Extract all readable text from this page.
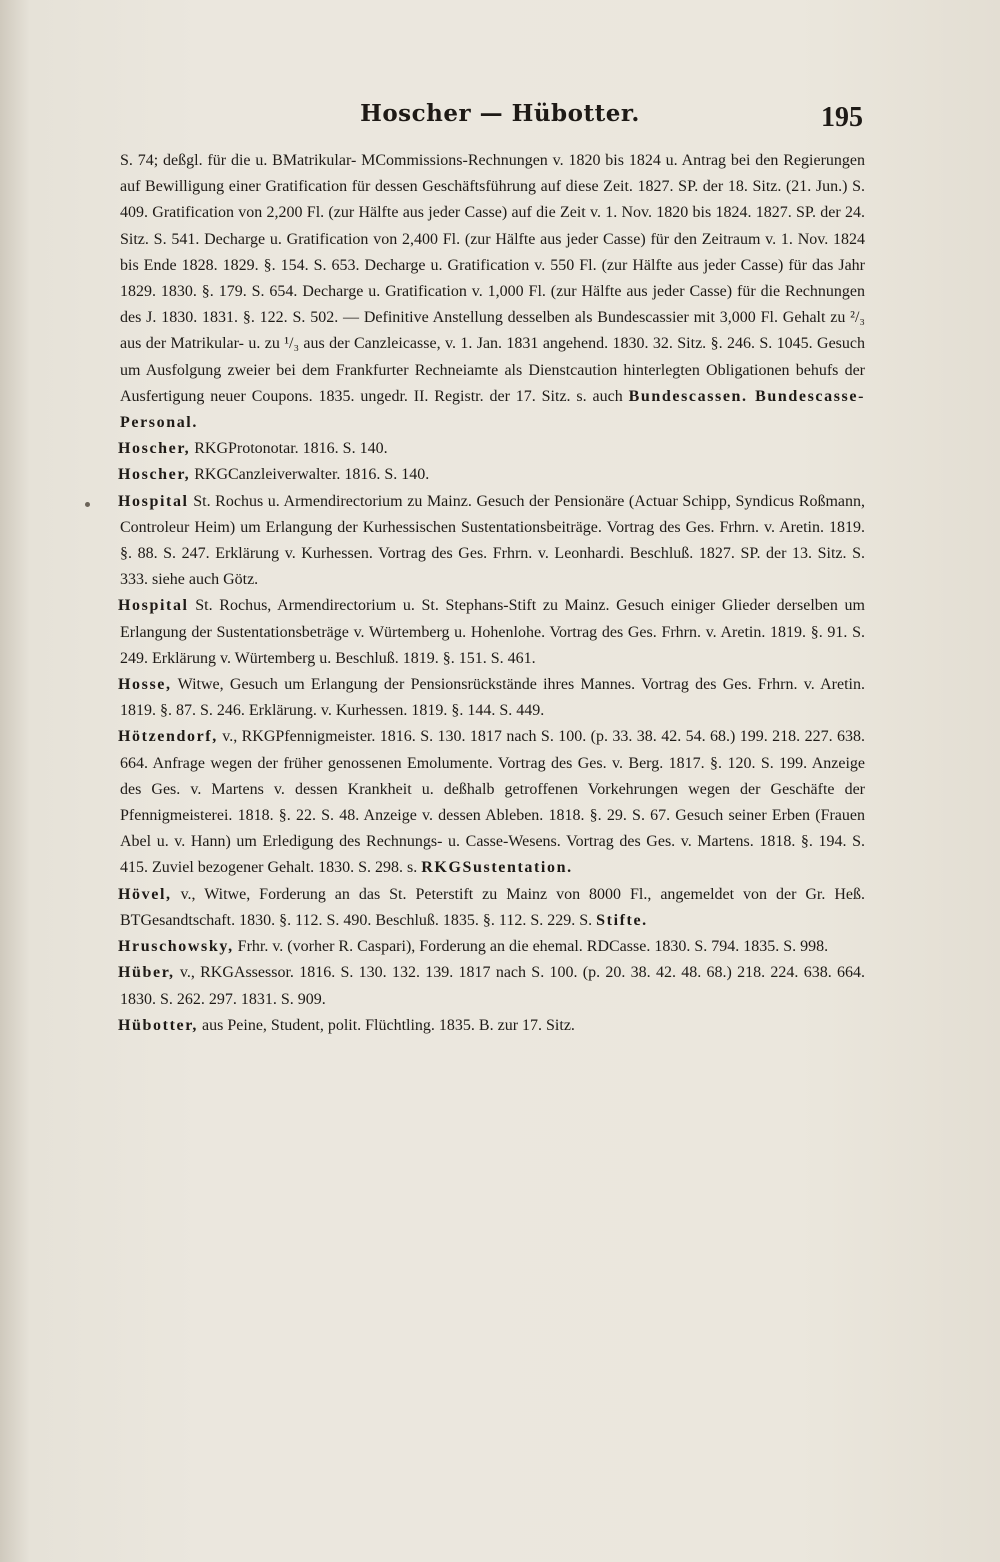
Hoscher — Hübotter.	195

S. 74; deßgl. für die u. BMatrikular- MCommissions-Rechnungen v. 1820 bis 1824 u. Antrag bei den Regierungen auf Bewilligung einer Gratification für dessen Geschäftsführung auf diese Zeit. 1827. SP. der 18. Sitz. (21. Jun.) S. 409. Gratification von 2,200 Fl. (zur Hälfte aus jeder Casse) auf die Zeit v. 1. Nov. 1820 bis 1824. 1827. SP. der 24. Sitz. S. 541. Decharge u. Gratification von 2,400 Fl. (zur Hälfte aus jeder Casse) für den Zeitraum v. 1. Nov. 1824 bis Ende 1828. 1829. §. 154. S. 653. Decharge u. Gratification v. 550 Fl. (zur Hälfte aus jeder Casse) für das Jahr 1829. 1830. §. 179. S. 654. Decharge u. Gratification v. 1,000 Fl. (zur Hälfte aus jeder Casse) für die Rechnungen des J. 1830. 1831. §. 122. S. 502. — Definitive Anstellung desselben als Bundescassier mit 3,000 Fl. Gehalt zu ²/₃ aus der Matrikular- u. zu ¹/₃ aus der Canzleicasse, v. 1. Jan. 1831 angehend. 1830. 32. Sitz. §. 246. S. 1045. Gesuch um Ausfolgung zweier bei dem Frankfurter Rechneiamte als Dienstcaution hinterlegten Obligationen behufs der Ausfertigung neuer Coupons. 1835. ungedr. II. Registr. der 17. Sitz. s. auch Bundescassen. Bundescasse-Personal.

Hoscher, RKGProtonotar. 1816. S. 140.

Hoscher, RKGCanzleiverwalter. 1816. S. 140.

Hospital St. Rochus u. Armendirectorium zu Mainz. Gesuch der Pensionäre (Actuar Schipp, Syndicus Roßmann, Controleur Heim) um Erlangung der Kurhessischen Sustentationsbeiträge. Vortrag des Ges. Frhrn. v. Aretin. 1819. §. 88. S. 247. Erklärung v. Kurhessen. Vortrag des Ges. Frhrn. v. Leonhardi. Beschluß. 1827. SP. der 13. Sitz. S. 333. siehe auch Götz.

Hospital St. Rochus, Armendirectorium u. St. Stephans-Stift zu Mainz. Gesuch einiger Glieder derselben um Erlangung der Sustentationsbeträge v. Würtemberg u. Hohenlohe. Vortrag des Ges. Frhrn. v. Aretin. 1819. §. 91. S. 249. Erklärung v. Würtemberg u. Beschluß. 1819. §. 151. S. 461.

Hosse, Witwe, Gesuch um Erlangung der Pensionsrückstände ihres Mannes. Vortrag des Ges. Frhrn. v. Aretin. 1819. §. 87. S. 246. Erklärung. v. Kurhessen. 1819. §. 144. S. 449.

Hötzendorf, v., RKGPfennigmeister. 1816. S. 130. 1817 nach S. 100. (p. 33. 38. 42. 54. 68.) 199. 218. 227. 638. 664. Anfrage wegen der früher genossenen Emolumente. Vortrag des Ges. v. Berg. 1817. §. 120. S. 199. Anzeige des Ges. v. Martens v. dessen Krankheit u. deßhalb getroffenen Vorkehrungen wegen der Geschäfte der Pfennigmeisterei. 1818. §. 22. S. 48. Anzeige v. dessen Ableben. 1818. §. 29. S. 67. Gesuch seiner Erben (Frauen Abel u. v. Hann) um Erledigung des Rechnungs- u. Casse-Wesens. Vortrag des Ges. v. Martens. 1818. §. 194. S. 415. Zuviel bezogener Gehalt. 1830. S. 298. s. RKGSustentation.

Hövel, v., Witwe, Forderung an das St. Peterstift zu Mainz von 8000 Fl., angemeldet von der Gr. Heß. BTGesandtschaft. 1830. §. 112. S. 490. Beschluß. 1835. §. 112. S. 229. S. Stifte.

Hruschowsky, Frhr. v. (vorher R. Caspari), Forderung an die ehemal. RDCasse. 1830. S. 794. 1835. S. 998.

Hüber, v., RKGAssessor. 1816. S. 130. 132. 139. 1817 nach S. 100. (p. 20. 38. 42. 48. 68.) 218. 224. 638. 664. 1830. S. 262. 297. 1831. S. 909.

Hübotter, aus Peine, Student, polit. Flüchtling. 1835. B. zur 17. Sitz.
